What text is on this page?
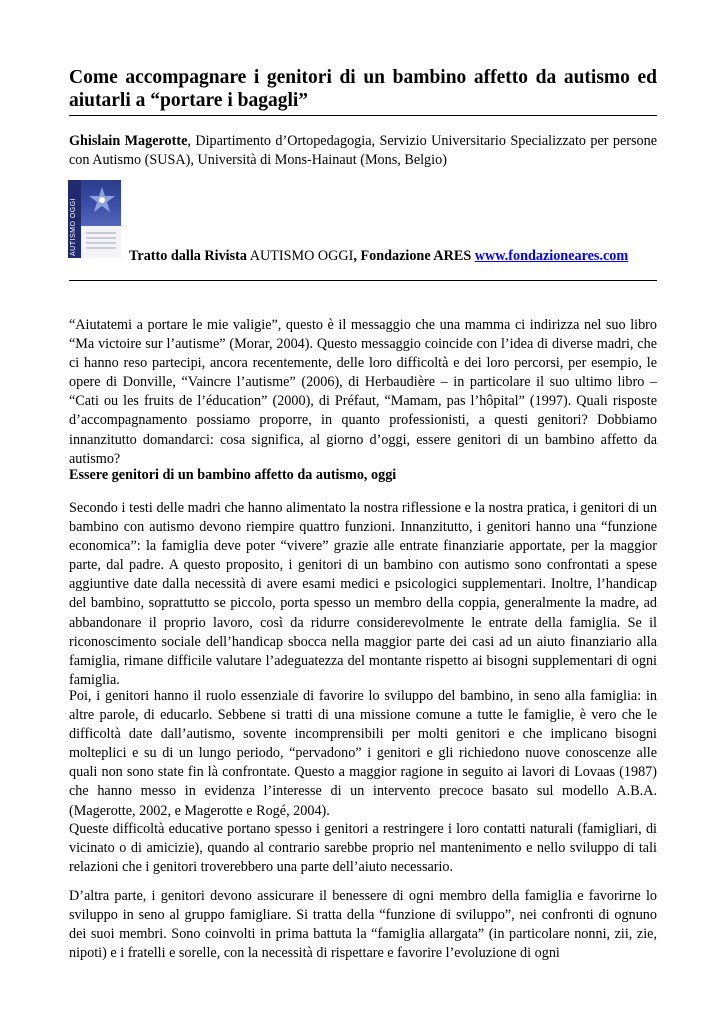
Come accompagnare i genitori di un bambino affetto da autismo ed aiutarli a “portare i bagagli”

Ghislain Magerotte, Dipartimento d’Ortopedagogia, Servizio Universitario Specializzato per persone con Autismo (SUSA), Università di Mons-Hainaut (Mons, Belgio)

AUTISMO OGGI	Tratto dalla Rivista AUTISMO OGGI, Fondazione ARES www.fondazioneares.com

“Aiutatemi a portare le mie valigie”, questo è il messaggio che una mamma ci indirizza nel suo libro “Ma victoire sur l’autisme” (Morar, 2004). Questo messaggio coincide con l’idea di diverse madri, che ci hanno reso partecipi, ancora recentemente, delle loro difficoltà e dei loro percorsi, per esempio, le opere di Donville, “Vaincre l’autisme” (2006), di Herbaudière – in particolare il suo ultimo libro – “Cati ou les fruits de l’éducation” (2000), di Préfaut, “Mamam, pas l’hôpital” (1997). Quali risposte d’accompagnamento possiamo proporre, in quanto professionisti, a questi genitori? Dobbiamo innanzitutto domandarci: cosa significa, al giorno d’oggi, essere genitori di un bambino affetto da autismo?

Essere genitori di un bambino affetto da autismo, oggi

Secondo i testi delle madri che hanno alimentato la nostra riflessione e la nostra pratica, i genitori di un bambino con autismo devono riempire quattro funzioni. Innanzitutto, i genitori hanno una “funzione economica”: la famiglia deve poter “vivere” grazie alle entrate finanziarie apportate, per la maggior parte, dal padre. A questo proposito, i genitori di un bambino con autismo sono confrontati a spese aggiuntive date dalla necessità di avere esami medici e psicologici supplementari. Inoltre, l’handicap del bambino, soprattutto se piccolo, porta spesso un membro della coppia, generalmente la madre, ad abbandonare il proprio lavoro, così da ridurre considerevolmente le entrate della famiglia. Se il riconoscimento sociale dell’handicap sbocca nella maggior parte dei casi ad un aiuto finanziario alla famiglia, rimane difficile valutare l’adeguatezza del montante rispetto ai bisogni supplementari di ogni famiglia.

Poi, i genitori hanno il ruolo essenziale di favorire lo sviluppo del bambino, in seno alla famiglia: in altre parole, di educarlo. Sebbene si tratti di una missione comune a tutte le famiglie, è vero che le difficoltà date dall’autismo, sovente incomprensibili per molti genitori e che implicano bisogni molteplici e su di un lungo periodo, “pervadono” i genitori e gli richiedono nuove conoscenze alle quali non sono state fin là confrontate. Questo a maggior ragione in seguito ai lavori di Lovaas (1987) che hanno messo in evidenza l’interesse di un intervento precoce basato sul modello A.B.A. (Magerotte, 2002, e Magerotte e Rogé, 2004).

Queste difficoltà educative portano spesso i genitori a restringere i loro contatti naturali (famigliari, di vicinato o di amicizie), quando al contrario sarebbe proprio nel mantenimento e nello sviluppo di tali relazioni che i genitori troverebbero una parte dell’aiuto necessario.

D’altra parte, i genitori devono assicurare il benessere di ogni membro della famiglia e favorirne lo sviluppo in seno al gruppo famigliare. Si tratta della “funzione di sviluppo”, nei confronti di ognuno dei suoi membri. Sono coinvolti in prima battuta la “famiglia allargata” (in particolare nonni, zii, zie, nipoti) e i fratelli e sorelle, con la necessità di rispettare e favorire l’evoluzione di ogni
